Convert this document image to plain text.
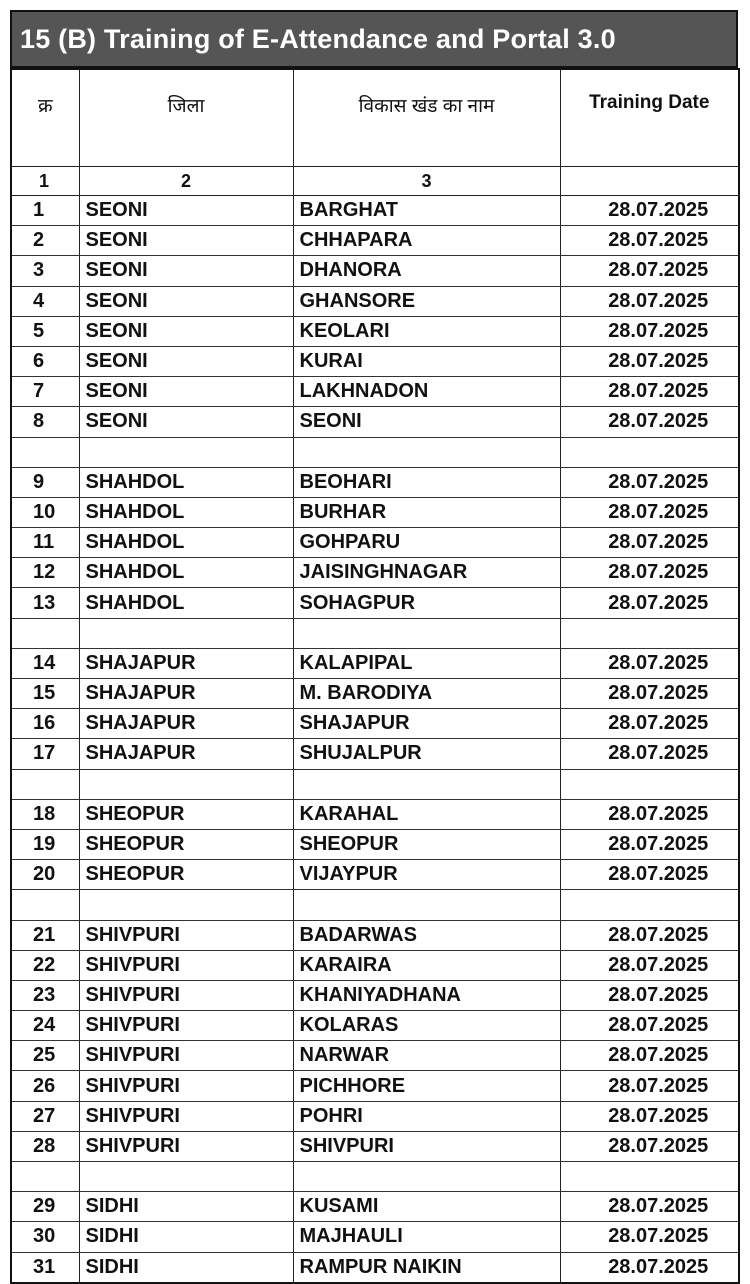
15 (B) Training of E-Attendance and Portal 3.0
क्र	जिला	विकास खंड का नाम	Training Date
1	2	3	
1	SEONI	BARGHAT	28.07.2025
2	SEONI	CHHAPARA	28.07.2025
3	SEONI	DHANORA	28.07.2025
4	SEONI	GHANSORE	28.07.2025
5	SEONI	KEOLARI	28.07.2025
6	SEONI	KURAI	28.07.2025
7	SEONI	LAKHNADON	28.07.2025
8	SEONI	SEONI	28.07.2025

9	SHAHDOL	BEOHARI	28.07.2025
10	SHAHDOL	BURHAR	28.07.2025
11	SHAHDOL	GOHPARU	28.07.2025
12	SHAHDOL	JAISINGHNAGAR	28.07.2025
13	SHAHDOL	SOHAGPUR	28.07.2025

14	SHAJAPUR	KALAPIPAL	28.07.2025
15	SHAJAPUR	M. BARODIYA	28.07.2025
16	SHAJAPUR	SHAJAPUR	28.07.2025
17	SHAJAPUR	SHUJALPUR	28.07.2025

18	SHEOPUR	KARAHAL	28.07.2025
19	SHEOPUR	SHEOPUR	28.07.2025
20	SHEOPUR	VIJAYPUR	28.07.2025

21	SHIVPURI	BADARWAS	28.07.2025
22	SHIVPURI	KARAIRA	28.07.2025
23	SHIVPURI	KHANIYADHANA	28.07.2025
24	SHIVPURI	KOLARAS	28.07.2025
25	SHIVPURI	NARWAR	28.07.2025
26	SHIVPURI	PICHHORE	28.07.2025
27	SHIVPURI	POHRI	28.07.2025
28	SHIVPURI	SHIVPURI	28.07.2025

29	SIDHI	KUSAMI	28.07.2025
30	SIDHI	MAJHAULI	28.07.2025
31	SIDHI	RAMPUR NAIKIN	28.07.2025
